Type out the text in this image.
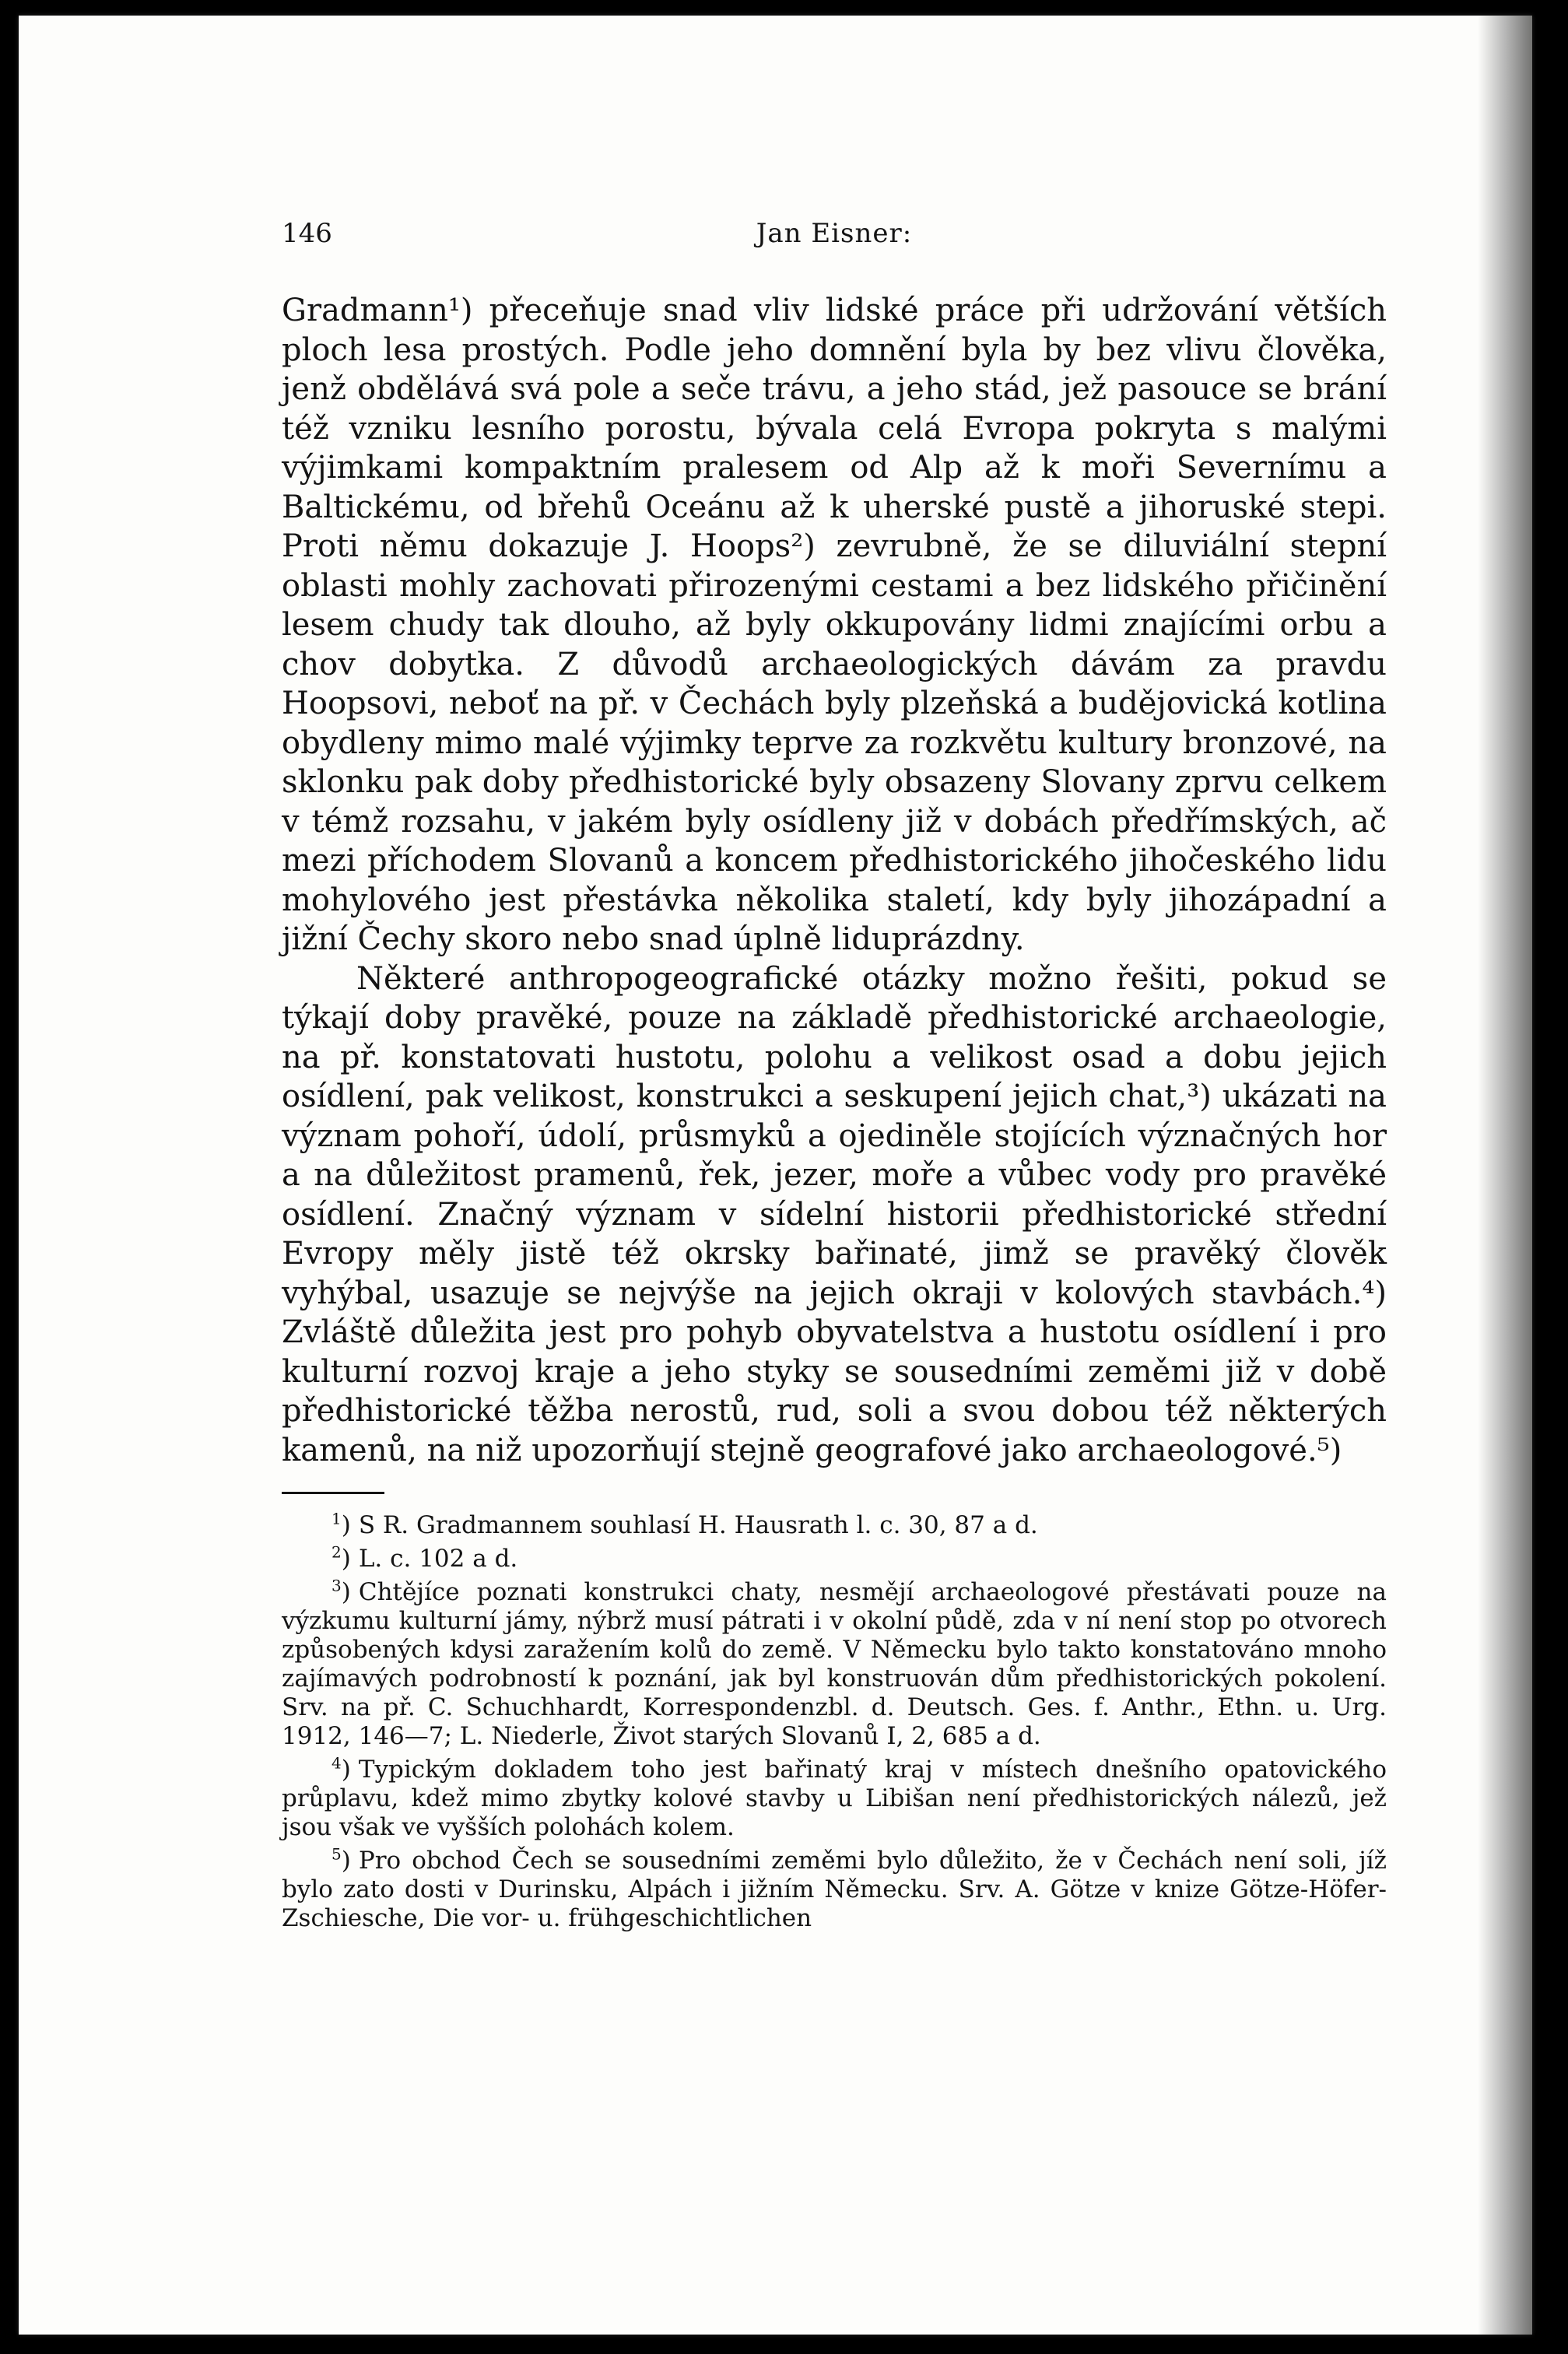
146	Jan Eisner:

Gradmann¹) přeceňuje snad vliv lidské práce při udržování větších ploch lesa prostých. Podle jeho domnění byla by bez vlivu člověka, jenž obdělává svá pole a seče trávu, a jeho stád, jež pasouce se brání též vzniku lesního porostu, bývala celá Evropa pokryta s malými výjimkami kompaktním pralesem od Alp až k moři Severnímu a Baltickému, od břehů Oceánu až k uherské pustě a jihoruské stepi. Proti němu dokazuje J. Hoops²) zevrubně, že se diluviální stepní oblasti mohly zachovati přirozenými cestami a bez lidského přičinění lesem chudy tak dlouho, až byly okkupovány lidmi znajícími orbu a chov dobytka. Z důvodů archaeologických dávám za pravdu Hoopsovi, neboť na př. v Čechách byly plzeňská a budějovická kotlina obydleny mimo malé výjimky teprve za rozkvětu kultury bronzové, na sklonku pak doby předhistorické byly obsazeny Slovany zprvu celkem v témž rozsahu, v jakém byly osídleny již v dobách předřímských, ač mezi příchodem Slovanů a koncem předhistorického jihočeského lidu mohylového jest přestávka několika staletí, kdy byly jihozápadní a jižní Čechy skoro nebo snad úplně liduprázdny.

Některé anthropogeografické otázky možno řešiti, pokud se týkají doby pravěké, pouze na základě předhistorické archaeologie, na př. konstatovati hustotu, polohu a velikost osad a dobu jejich osídlení, pak velikost, konstrukci a seskupení jejich chat,³) ukázati na význam pohoří, údolí, průsmyků a ojediněle stojících význačných hor a na důležitost pramenů, řek, jezer, moře a vůbec vody pro pravěké osídlení. Značný význam v sídelní historii předhistorické střední Evropy měly jistě též okrsky bařinaté, jimž se pravěký člověk vyhýbal, usazuje se nejvýše na jejich okraji v kolových stavbách.⁴) Zvláště důležita jest pro pohyb obyvatelstva a hustotu osídlení i pro kulturní rozvoj kraje a jeho styky se sousedními zeměmi již v době předhistorické těžba nerostů, rud, soli a svou dobou též některých kamenů, na niž upozorňují stejně geografové jako archaeologové.⁵)

$^1$) S R. Gradmannem souhlasí H. Hausrath l. c. 30, 87 a d.

$^2$) L. c. 102 a d.

$^3$) Chtějíce poznati konstrukci chaty, nesmějí archaeologové přestávati pouze na výzkumu kulturní jámy, nýbrž musí pátrati i v okolní půdě, zda v ní není stop po otvorech způsobených kdysi zaražením kolů do země. V Německu bylo takto konstatováno mnoho zajímavých podrobností k poznání, jak byl konstruován dům předhistorických pokolení. Srv. na př. C. Schuchhardt, Korrespondenzbl. d. Deutsch. Ges. f. Anthr., Ethn. u. Urg. 1912, 146—7; L. Niederle, Život starých Slovanů I, 2, 685 a d.

$^4$) Typickým dokladem toho jest bařinatý kraj v místech dnešního opatovického průplavu, kdež mimo zbytky kolové stavby u Libišan není předhistorických nálezů, jež jsou však ve vyšších polohách kolem.

$^5$) Pro obchod Čech se sousedními zeměmi bylo důležito, že v Čechách není soli, jíž bylo zato dosti v Durinsku, Alpách i jižním Německu. Srv. A. Götze v knize Götze-Höfer-Zschiesche, Die vor- u. frühgeschichtlichen
